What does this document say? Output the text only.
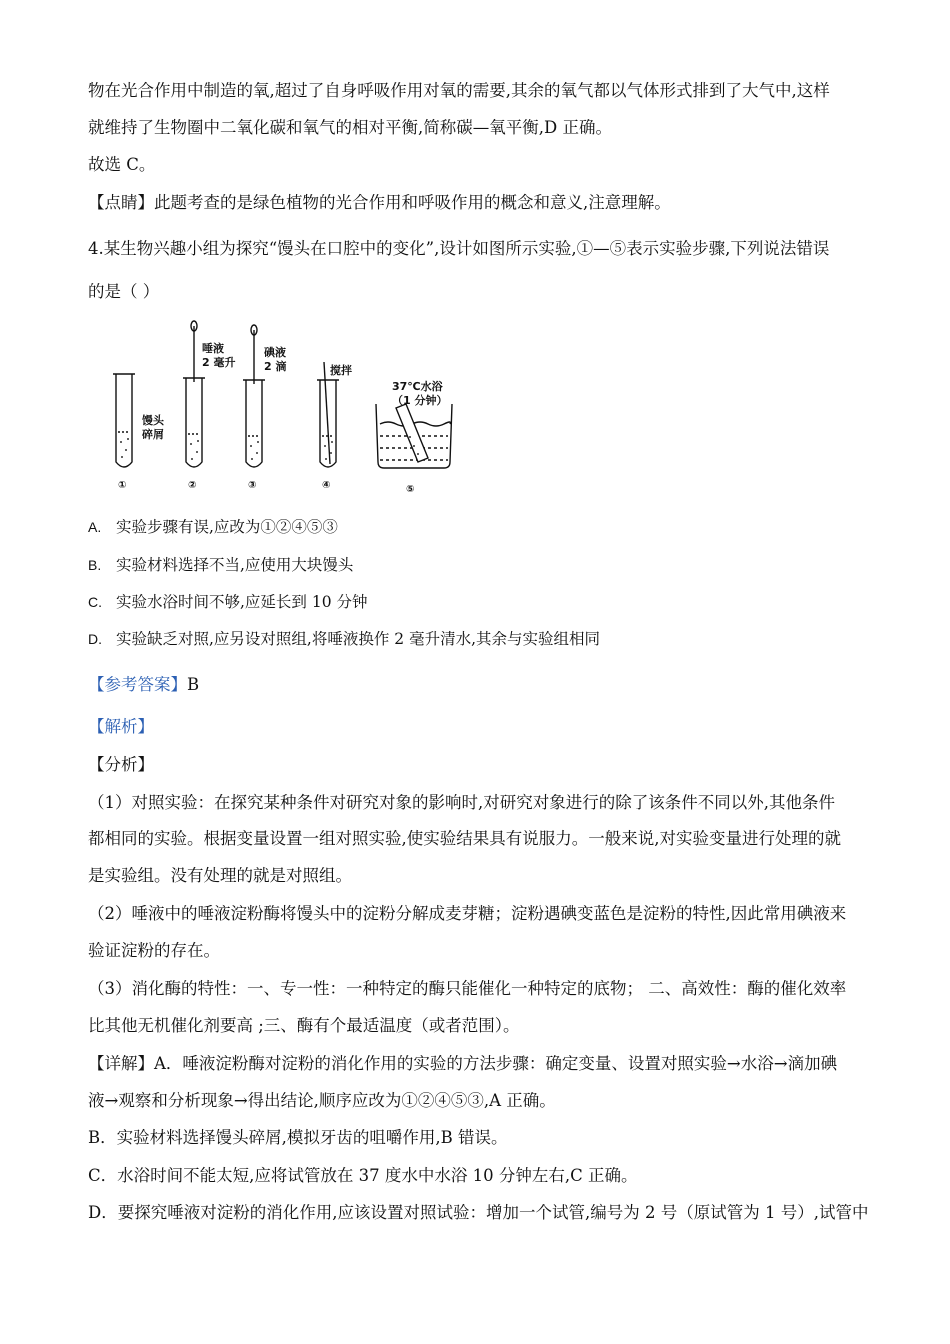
物在光合作用中制造的氧,超过了自身呼吸作用对氧的需要,其余的氧气都以气体形式排到了大气中,这样
就维持了生物圈中二氧化碳和氧气的相对平衡,简称碳—氧平衡,D 正确。
故选 C。
【点睛】此题考查的是绿色植物的光合作用和呼吸作用的概念和意义,注意理解。
4.某生物兴趣小组为探究“馒头在口腔中的变化”,设计如图所示实验,①—⑤表示实验步骤,下列说法错误
的是（ ）
馒头
碎屑
唾液
2 毫升
碘液
2 滴	搅拌
37℃水浴
（1 分钟）
①	②	③	④	⑤
A. 实验步骤有误,应改为①②④⑤③
B. 实验材料选择不当,应使用大块馒头
C. 实验水浴时间不够,应延长到 10 分钟
D. 实验缺乏对照,应另设对照组,将唾液换作 2 毫升清水,其余与实验组相同
【参考答案】B
【解析】
【分析】
（1）对照实验：在探究某种条件对研究对象的影响时,对研究对象进行的除了该条件不同以外,其他条件
都相同的实验。根据变量设置一组对照实验,使实验结果具有说服力。一般来说,对实验变量进行处理的就
是实验组。没有处理的就是对照组。
（2）唾液中的唾液淀粉酶将馒头中的淀粉分解成麦芽糖；淀粉遇碘变蓝色是淀粉的特性,因此常用碘液来
验证淀粉的存在。
（3）消化酶的特性：一、专一性：一种特定的酶只能催化一种特定的底物； 二、高效性：酶的催化效率
比其他无机催化剂要高 ;三、酶有个最适温度（或者范围）。
【详解】A．唾液淀粉酶对淀粉的消化作用的实验的方法步骤：确定变量、设置对照实验→水浴→滴加碘
液→观察和分析现象→得出结论,顺序应改为①②④⑤③,A 正确。
B．实验材料选择馒头碎屑,模拟牙齿的咀嚼作用,B 错误。
C．水浴时间不能太短,应将试管放在 37 度水中水浴 10 分钟左右,C 正确。
D．要探究唾液对淀粉的消化作用,应该设置对照试验：增加一个试管,编号为 2 号（原试管为 1 号）,试管中
